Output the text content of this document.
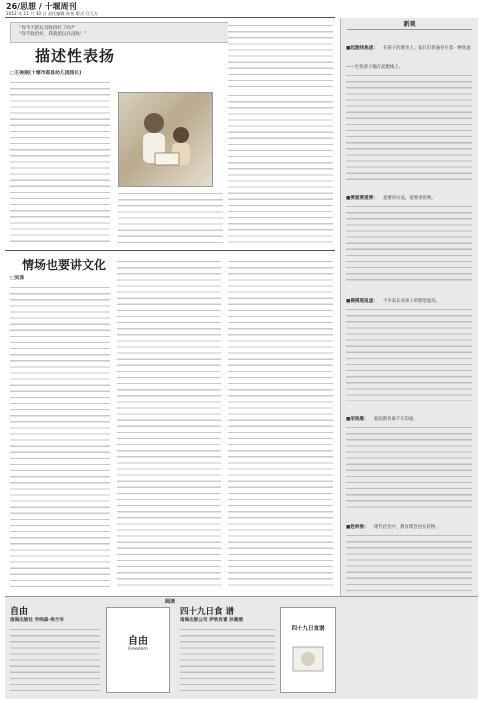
26/思想 / 十堰周刊
2012 年 11 月 30 日 责任编辑:孙怡 版式:吕大方
“你今天把玩具收拾好了吗?”
“你不收拾好，我就把玩具没收！”
描述性表扬
□王俊丽(十堰市郧县幼儿园园长)
情场也要讲文化
□吴涤
新观
■起跑线焦虑： 在孩子的教育上，家长们普遍存在着一种焦虑——生怕孩子输在起跑线上。
■要爱要爱要： 爱要讲方法，爱要讲原则。
■模模现报虚： 不少家长对孩子的期望虚高。
■家钱靠： 家庭教育离不开沟通。
■姓转换： 现代社会中，教育理念也在转换。
阅读
自由
南海出版社 乔纳森·弗兰岑
自由
Freedom
四十九日食 谱
南海出版公司 伊吹有喜 孙惠丽
四十九日食谱
